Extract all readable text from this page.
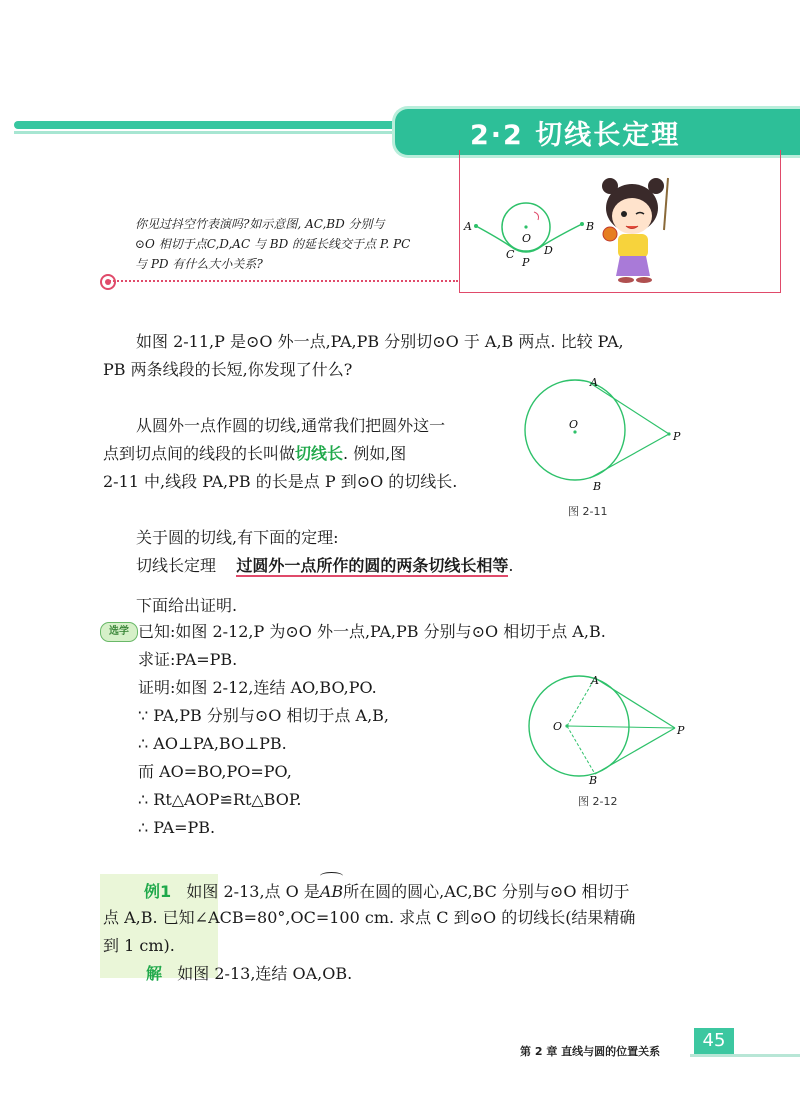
2·2 切线长定理
你见过抖空竹表演吗?如示意图, AC,BD 分别与
⊙O 相切于点C,D,AC 与 BD 的延长线交于点 P. PC
与 PD 有什么大小关系?
A	B
O
C	D
P
如图 2-11,P 是⊙O 外一点,PA,PB 分别切⊙O 于 A,B 两点. 比较 PA,
PB 两条线段的长短,你发现了什么?
从圆外一点作圆的切线,通常我们把圆外这一
点到切点间的线段的长叫做切线长. 例如,图
2-11 中,线段 PA,PB 的长是点 P 到⊙O 的切线长.
A
O
P
B
图 2-11
关于圆的切线,有下面的定理:
切线长定理 过圆外一点所作的圆的两条切线长相等.
下面给出证明.
选学 已知:如图 2-12,P 为⊙O 外一点,PA,PB 分别与⊙O 相切于点 A,B.
求证:PA=PB.
证明:如图 2-12,连结 AO,BO,PO.
∵ PA,PB 分别与⊙O 相切于点 A,B,
∴ AO⊥PA,BO⊥PB.
而 AO=BO,PO=PO,
∴ Rt△AOP≌Rt△BOP.
∴ PA=PB.
A
O	P
B
图 2-12
例1 如图 2-13,点 O 是
AB所在圆的圆心,AC,BC 分别与⊙O 相切于
点 A,B. 已知∠ACB=80°,OC=100 cm. 求点 C 到⊙O 的切线长(结果精确
到 1 cm).
解 如图 2-13,连结 OA,OB.
第 2 章 直线与圆的位置关系
45
